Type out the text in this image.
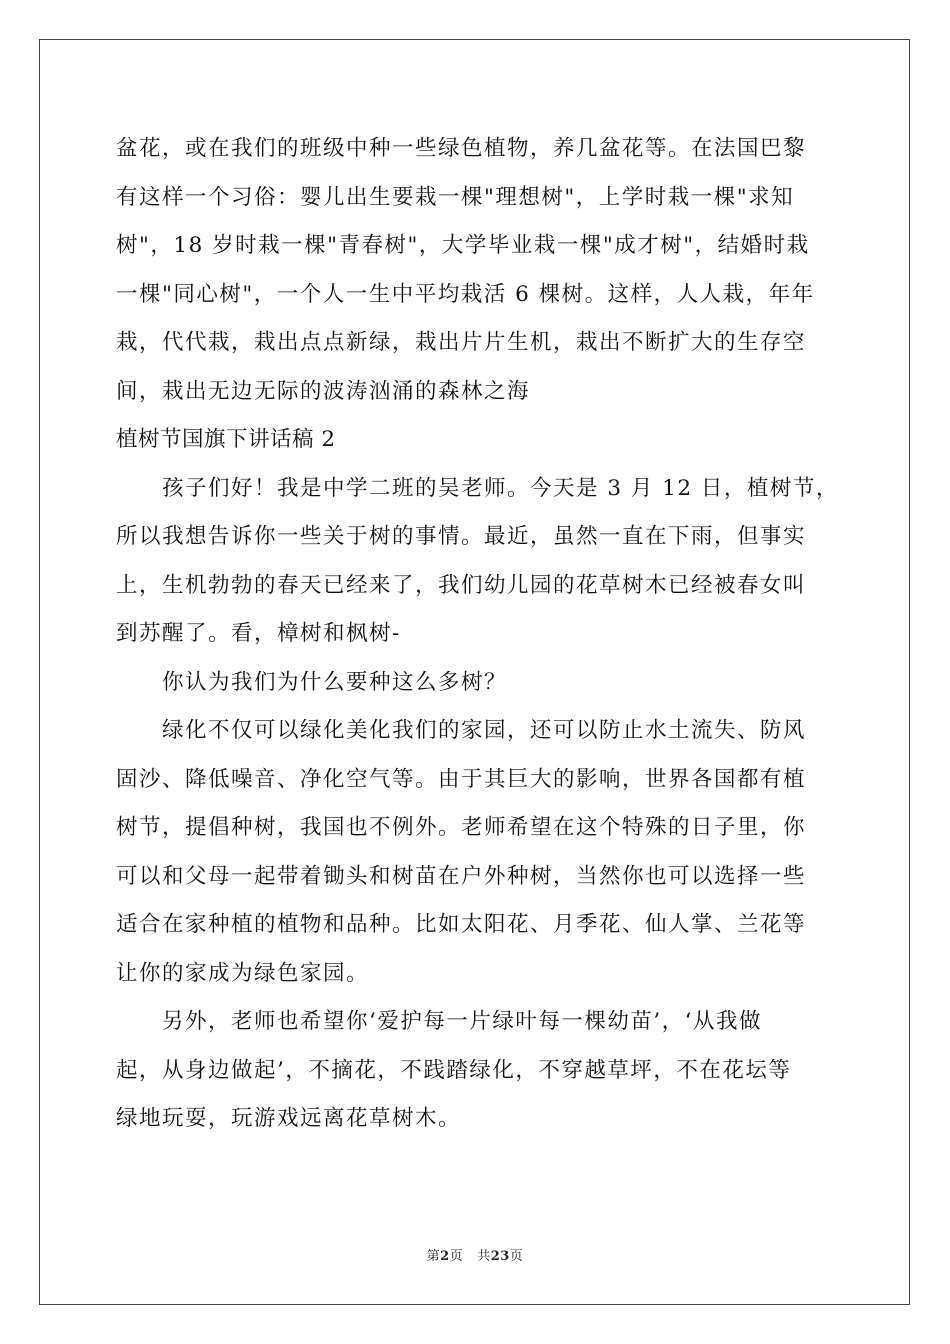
盆花，或在我们的班级中种一些绿色植物，养几盆花等。在法国巴黎
有这样一个习俗：婴儿出生要栽一棵"理想树"，上学时栽一棵"求知
树"，18 岁时栽一棵"青春树"，大学毕业栽一棵"成才树"，结婚时栽
一棵"同心树"，一个人一生中平均栽活 6 棵树。这样，人人栽，年年
栽，代代栽，栽出点点新绿，栽出片片生机，栽出不断扩大的生存空
间，栽出无边无际的波涛汹涌的森林之海
植树节国旗下讲话稿 2
孩子们好！我是中学二班的吴老师。今天是 3 月 12 日，植树节，
所以我想告诉你一些关于树的事情。最近，虽然一直在下雨，但事实
上，生机勃勃的春天已经来了，我们幼儿园的花草树木已经被春女叫
到苏醒了。看，樟树和枫树-
你认为我们为什么要种这么多树？
绿化不仅可以绿化美化我们的家园，还可以防止水土流失、防风
固沙、降低噪音、净化空气等。由于其巨大的影响，世界各国都有植
树节，提倡种树，我国也不例外。老师希望在这个特殊的日子里，你
可以和父母一起带着锄头和树苗在户外种树，当然你也可以选择一些
适合在家种植的植物和品种。比如太阳花、月季花、仙人掌、兰花等
让你的家成为绿色家园。
另外，老师也希望你‘爱护每一片绿叶每一棵幼苗’，‘从我做
起，从身边做起’，不摘花，不践踏绿化，不穿越草坪，不在花坛等
绿地玩耍，玩游戏远离花草树木。
第2页 共23页
